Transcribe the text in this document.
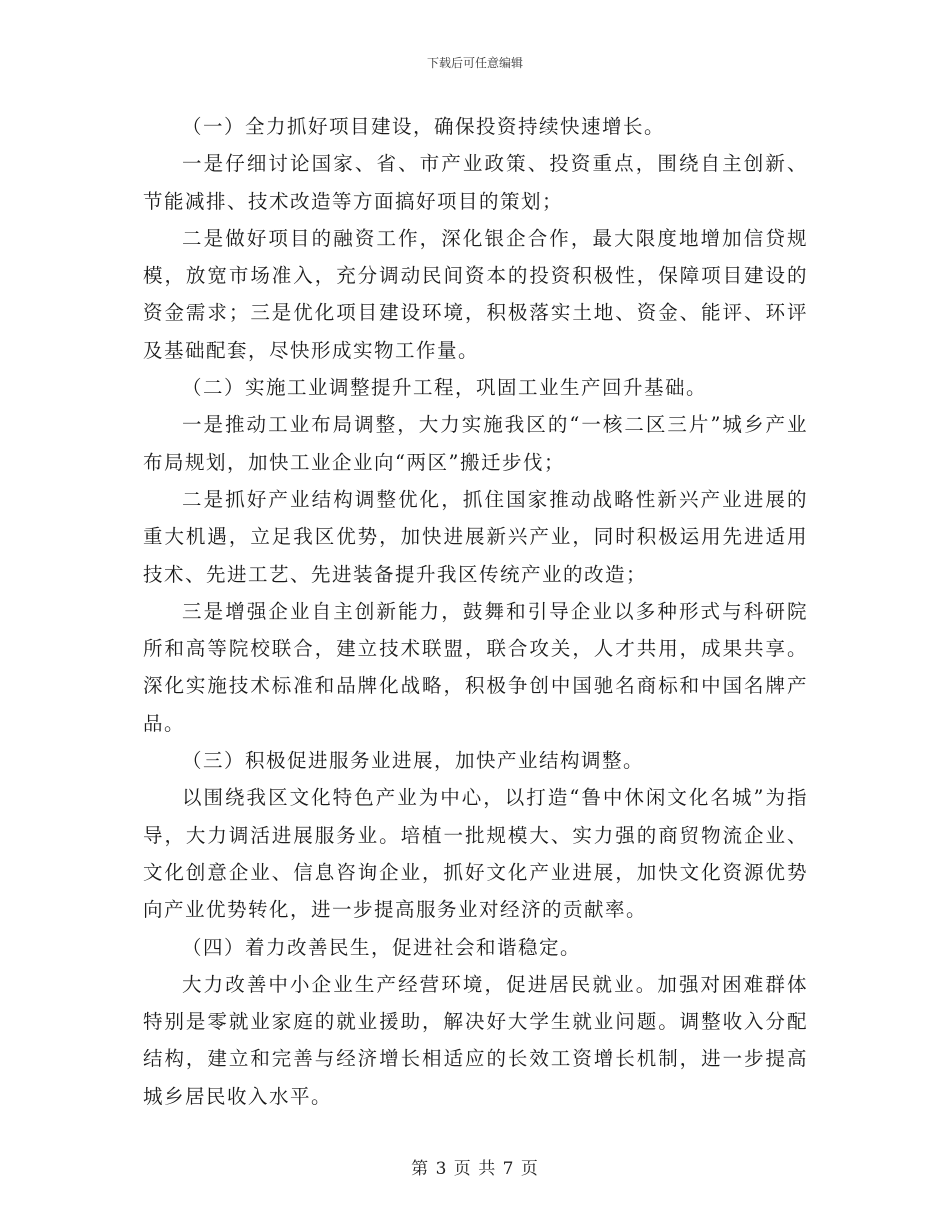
下载后可任意编辑

（一）全力抓好项目建设，确保投资持续快速增长。

一是仔细讨论国家、省、市产业政策、投资重点，围绕自主创新、节能减排、技术改造等方面搞好项目的策划；

二是做好项目的融资工作，深化银企合作，最大限度地增加信贷规模，放宽市场准入，充分调动民间资本的投资积极性，保障项目建设的资金需求；三是优化项目建设环境，积极落实土地、资金、能评、环评及基础配套，尽快形成实物工作量。

（二）实施工业调整提升工程，巩固工业生产回升基础。

一是推动工业布局调整，大力实施我区的“一核二区三片”城乡产业布局规划，加快工业企业向“两区”搬迁步伐；

二是抓好产业结构调整优化，抓住国家推动战略性新兴产业进展的重大机遇，立足我区优势，加快进展新兴产业，同时积极运用先进适用技术、先进工艺、先进装备提升我区传统产业的改造；

三是增强企业自主创新能力，鼓舞和引导企业以多种形式与科研院所和高等院校联合，建立技术联盟，联合攻关，人才共用，成果共享。深化实施技术标准和品牌化战略，积极争创中国驰名商标和中国名牌产品。

（三）积极促进服务业进展，加快产业结构调整。

以围绕我区文化特色产业为中心，以打造“鲁中休闲文化名城”为指导，大力调活进展服务业。培植一批规模大、实力强的商贸物流企业、文化创意企业、信息咨询企业，抓好文化产业进展，加快文化资源优势向产业优势转化，进一步提高服务业对经济的贡献率。

（四）着力改善民生，促进社会和谐稳定。

大力改善中小企业生产经营环境，促进居民就业。加强对困难群体特别是零就业家庭的就业援助，解决好大学生就业问题。调整收入分配结构，建立和完善与经济增长相适应的长效工资增长机制，进一步提高城乡居民收入水平。

第 3 页 共 7 页
